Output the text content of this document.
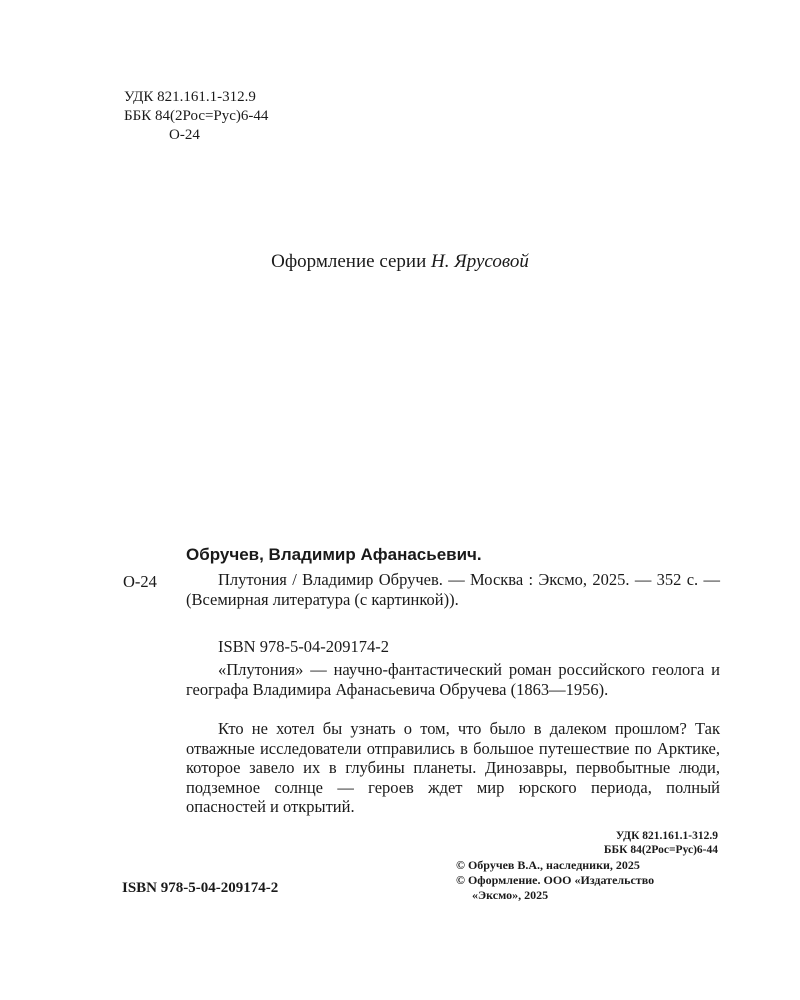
УДК 821.161.1-312.9
ББК 84(2Рос=Рус)6-44
О-24
Оформление серии Н. Ярусовой
Обручев, Владимир Афанасьевич.
О-24	Плутония / Владимир Обручев. — Москва : Эксмо, 2025. — 352 с. — (Всемирная литература (с картинкой)).
ISBN 978-5-04-209174-2
«Плутония» — научно-фантастический роман российского геолога и географа Владимира Афанасьевича Обручева (1863—1956).
Кто не хотел бы узнать о том, что было в далеком прошлом? Так отважные исследователи отправились в большое путешествие по Арктике, которое завело их в глубины планеты. Динозавры, первобытные люди, подземное солнце — героев ждет мир юрского периода, полный опасностей и открытий.
УДК 821.161.1-312.9
ББК 84(2Рос=Рус)6-44
ISBN 978-5-04-209174-2
© Обручев В.А., наследники, 2025
© Оформление. ООО «Издательство
«Эксмо», 2025
